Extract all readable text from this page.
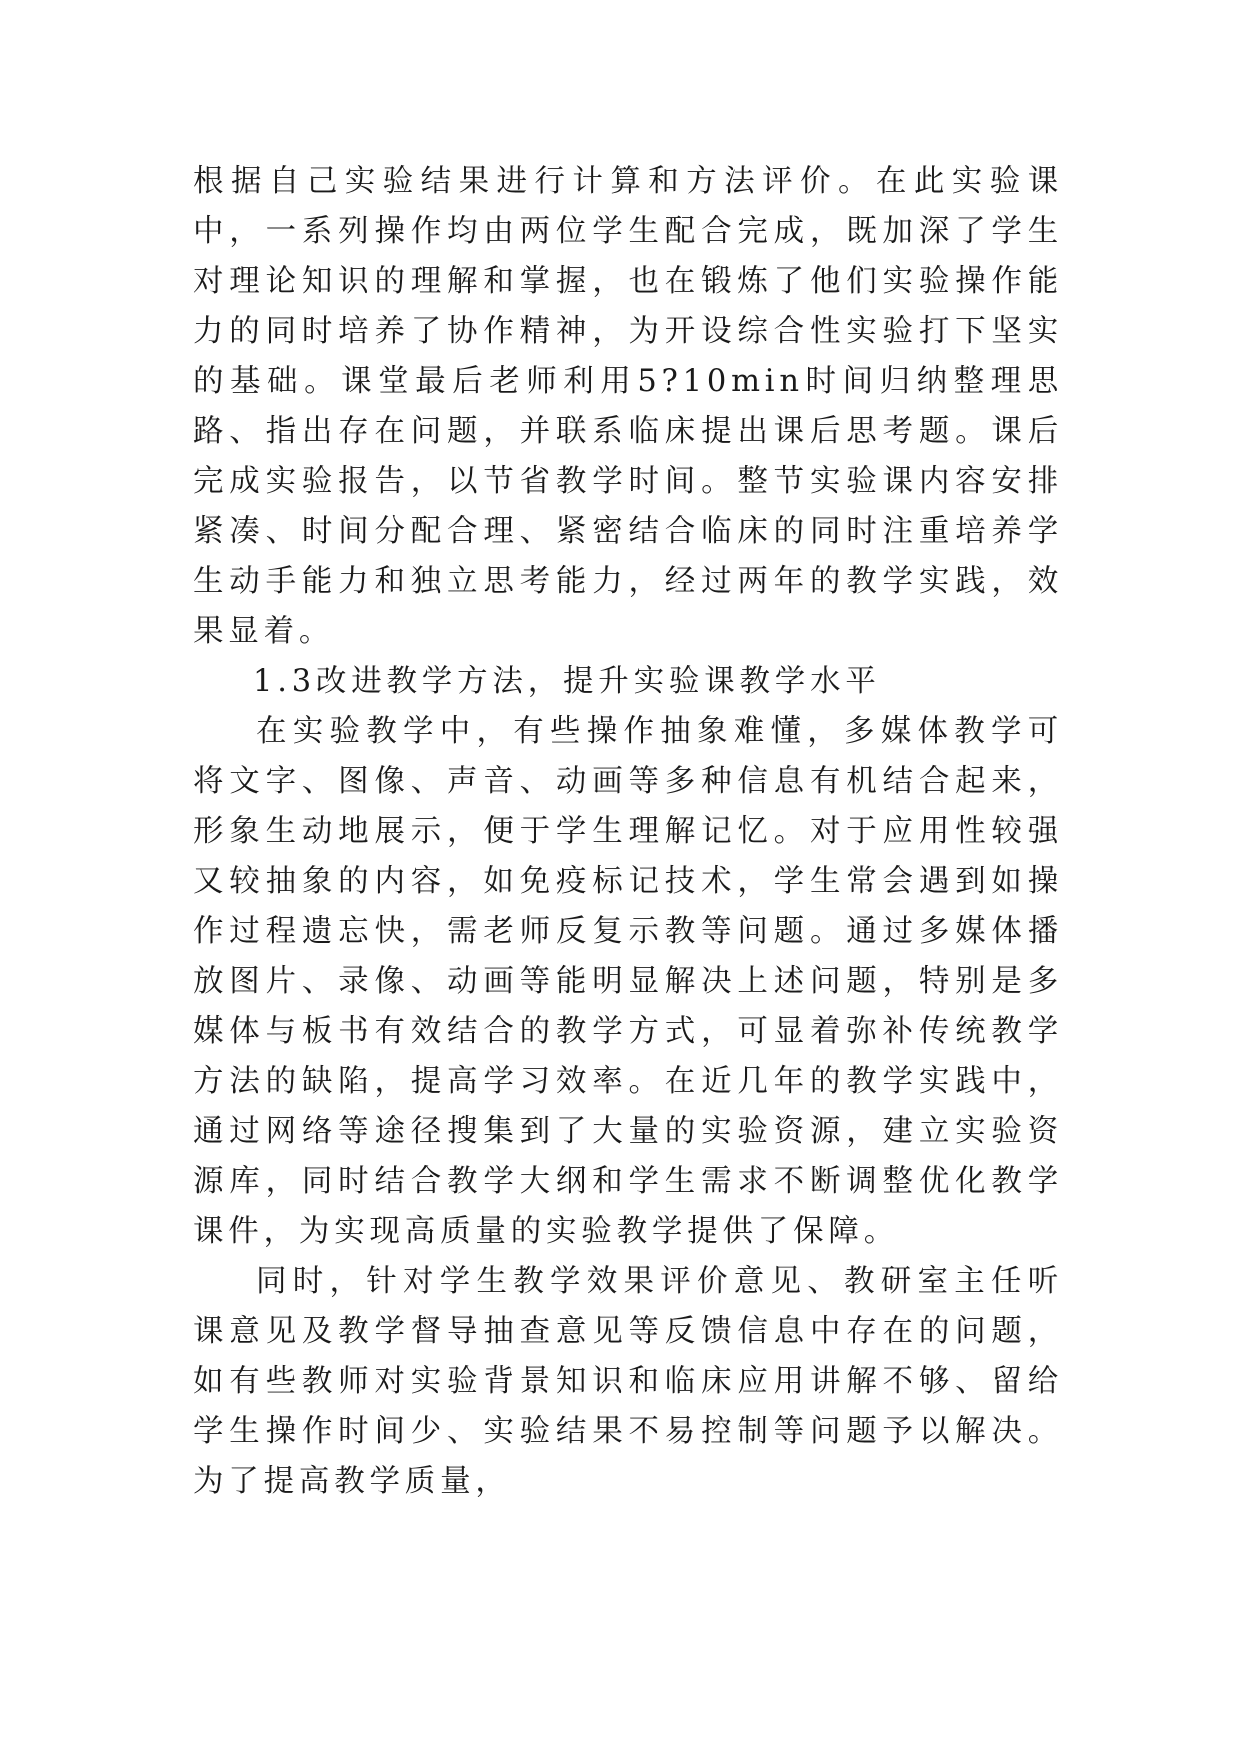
根据自己实验结果进行计算和方法评价。在此实验课中，一系列操作均由两位学生配合完成，既加深了学生对理论知识的理解和掌握，也在锻炼了他们实验操作能力的同时培养了协作精神，为开设综合性实验打下坚实的基础。课堂最后老师利用5?10min时间归纳整理思路、指出存在问题，并联系临床提出课后思考题。课后完成实验报告，以节省教学时间。整节实验课内容安排紧凑、时间分配合理、紧密结合临床的同时注重培养学生动手能力和独立思考能力，经过两年的教学实践，效果显着。

1.3改进教学方法，提升实验课教学水平

在实验教学中，有些操作抽象难懂，多媒体教学可将文字、图像、声音、动画等多种信息有机结合起来，形象生动地展示，便于学生理解记忆。对于应用性较强又较抽象的内容，如免疫标记技术，学生常会遇到如操作过程遗忘快，需老师反复示教等问题。通过多媒体播放图片、录像、动画等能明显解决上述问题，特别是多媒体与板书有效结合的教学方式，可显着弥补传统教学方法的缺陷，提高学习效率。在近几年的教学实践中，通过网络等途径搜集到了大量的实验资源，建立实验资源库，同时结合教学大纲和学生需求不断调整优化教学课件，为实现高质量的实验教学提供了保障。

同时，针对学生教学效果评价意见、教研室主任听课意见及教学督导抽查意见等反馈信息中存在的问题，如有些教师对实验背景知识和临床应用讲解不够、留给学生操作时间少、实验结果不易控制等问题予以解决。为了提高教学质量，
